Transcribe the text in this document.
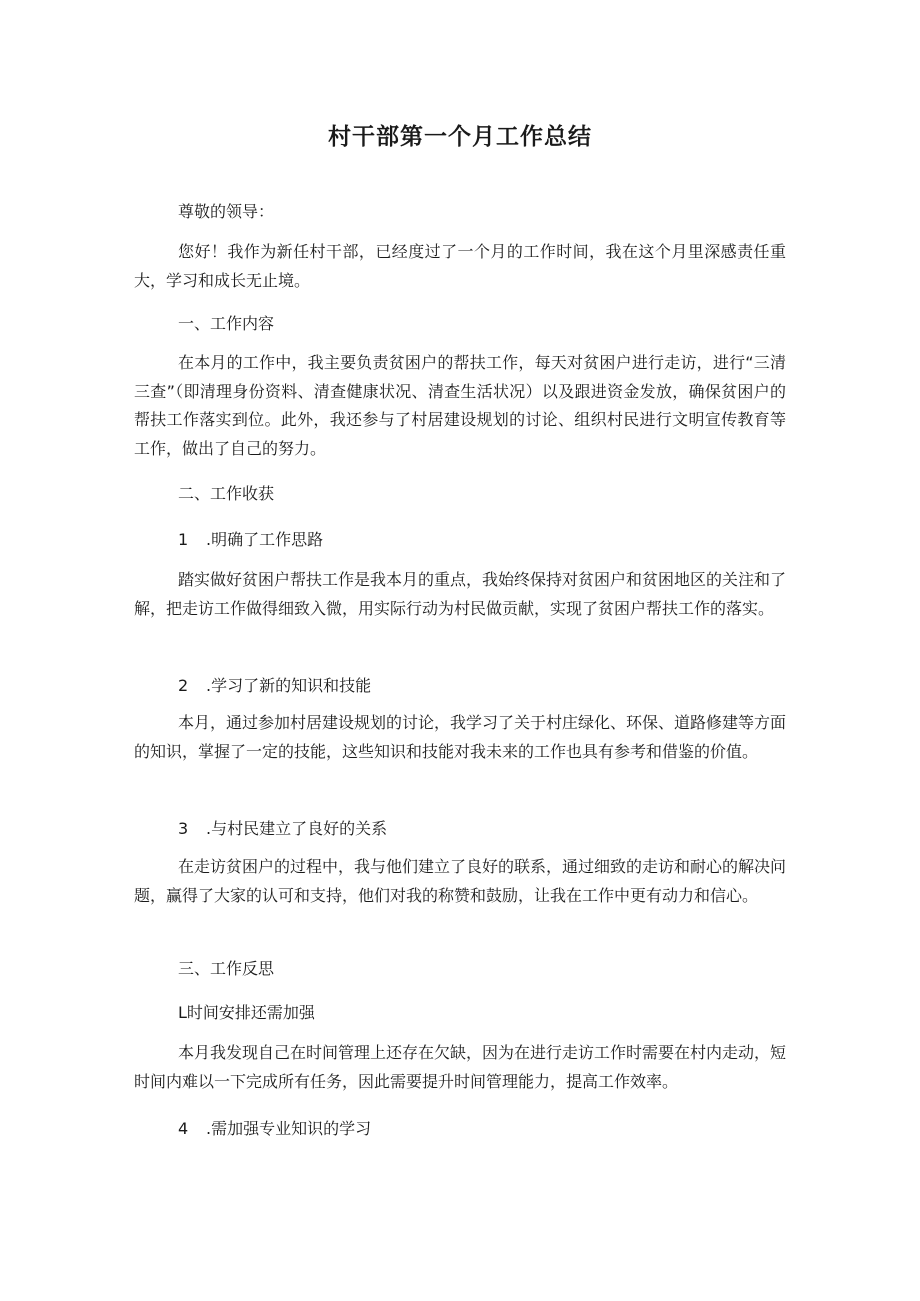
村干部第一个月工作总结

尊敬的领导：

您好！我作为新任村干部，已经度过了一个月的工作时间，我在这个月里深感责任重大，学习和成长无止境。

一、工作内容

在本月的工作中，我主要负责贫困户的帮扶工作，每天对贫困户进行走访，进行“三清三查”（即清理身份资料、清查健康状况、清查生活状况）以及跟进资金发放，确保贫困户的帮扶工作落实到位。此外，我还参与了村居建设规划的讨论、组织村民进行文明宣传教育等工作，做出了自己的努力。

二、工作收获

1 .明确了工作思路

踏实做好贫困户帮扶工作是我本月的重点，我始终保持对贫困户和贫困地区的关注和了解，把走访工作做得细致入微，用实际行动为村民做贡献，实现了贫困户帮扶工作的落实。

2 .学习了新的知识和技能

本月，通过参加村居建设规划的讨论，我学习了关于村庄绿化、环保、道路修建等方面的知识，掌握了一定的技能，这些知识和技能对我未来的工作也具有参考和借鉴的价值。

3 .与村民建立了良好的关系

在走访贫困户的过程中，我与他们建立了良好的联系，通过细致的走访和耐心的解决问题，赢得了大家的认可和支持，他们对我的称赞和鼓励，让我在工作中更有动力和信心。

三、工作反思

L时间安排还需加强

本月我发现自己在时间管理上还存在欠缺，因为在进行走访工作时需要在村内走动，短时间内难以一下完成所有任务，因此需要提升时间管理能力，提高工作效率。

4 .需加强专业知识的学习
